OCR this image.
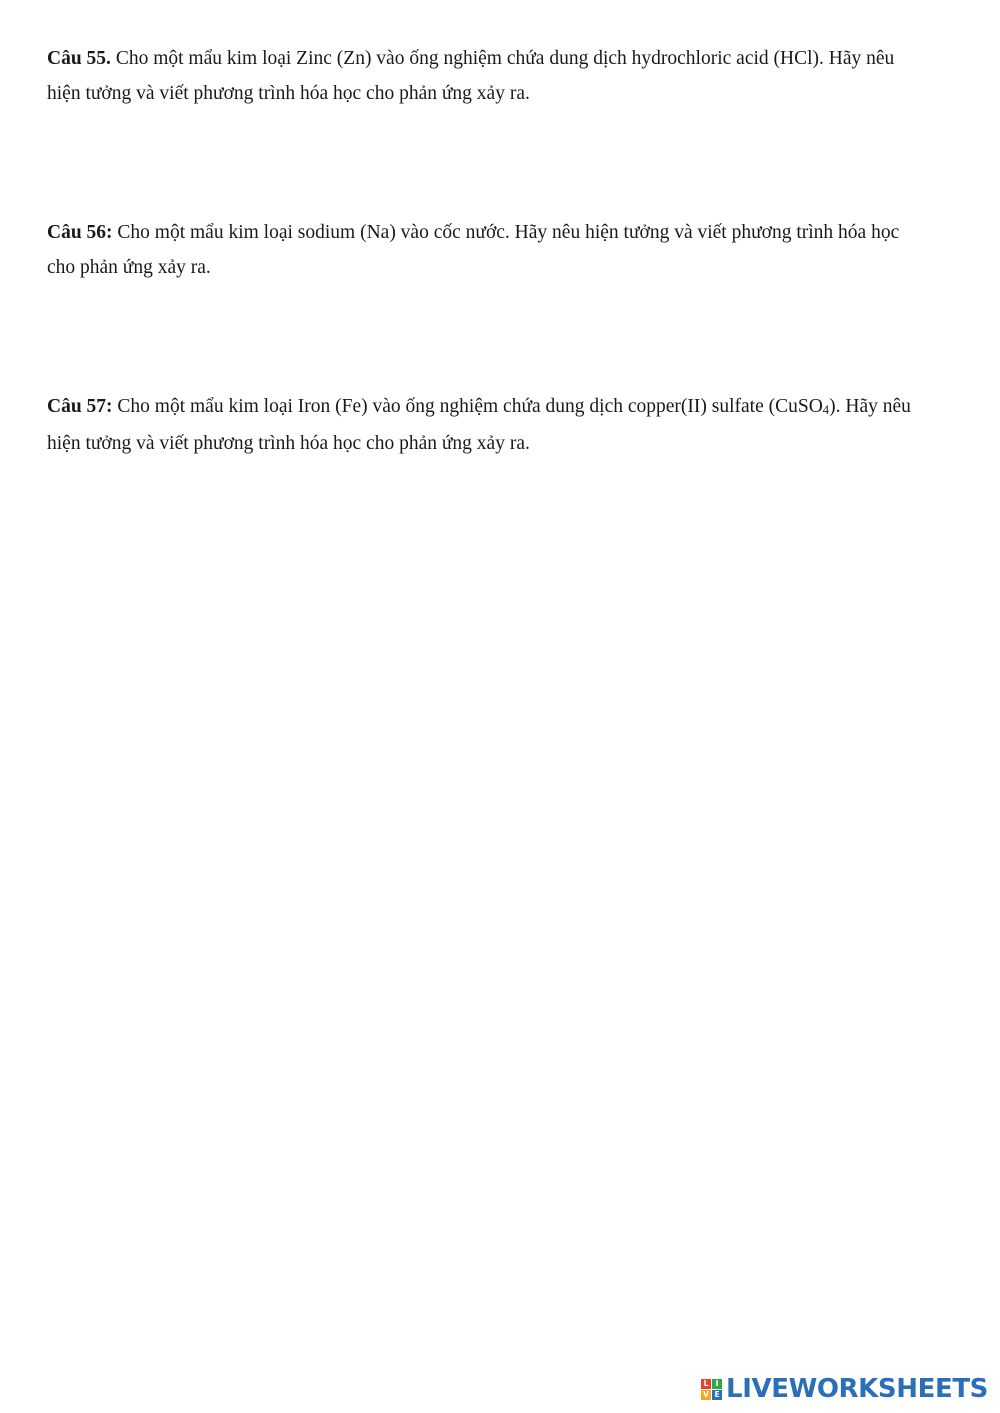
Câu 55. Cho một mẩu kim loại Zinc (Zn) vào ống nghiệm chứa dung dịch hydrochloric acid (HCl). Hãy nêu
hiện tưởng và viết phương trình hóa học cho phản ứng xảy ra.

Câu 56: Cho một mẩu kim loại sodium (Na) vào cốc nước. Hãy nêu hiện tưởng và viết phương trình hóa học
cho phản ứng xảy ra.

Câu 57: Cho một mẩu kim loại Iron (Fe) vào ống nghiệm chứa dung dịch copper(II) sulfate (CuSO$_4$). Hãy nêu
hiện tưởng và viết phương trình hóa học cho phản ứng xảy ra.

L I
V E LIVEWORKSHEETS
